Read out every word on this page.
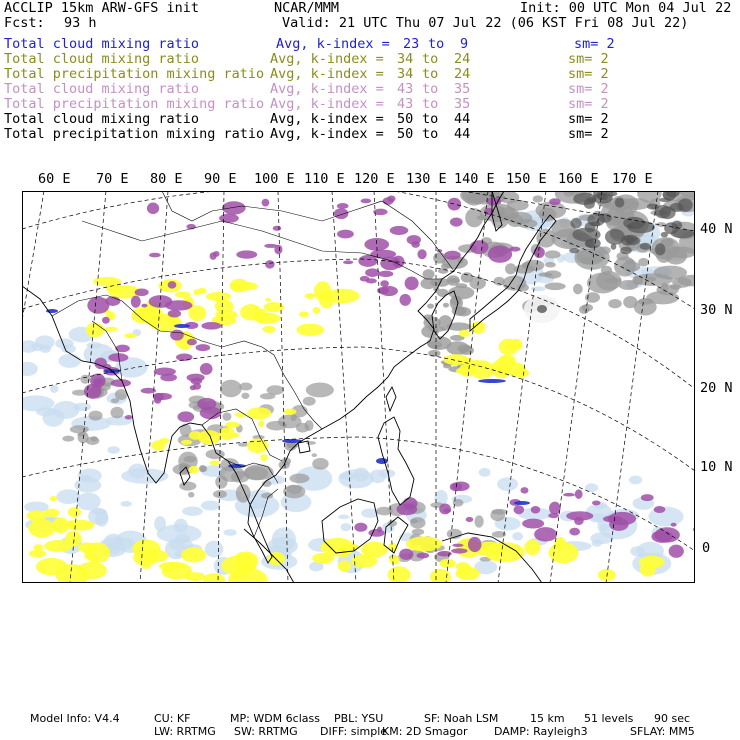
ACCLIP 15km ARW-GFS init	NCAR/MMM	Init: 00 UTC Mon 04 Jul 22
Fcst: 93 h	Valid: 21 UTC Thu 07 Jul 22 (06 KST Fri 08 Jul 22)
Total cloud mixing ratio	Avg, k-index = 23 to 9	sm= 2
Total cloud mixing ratio	Avg, k-index = 34 to 24	sm= 2
Total precipitation mixing ratio Avg, k-index = 34 to 24	sm= 2
Total cloud mixing ratio	Avg, k-index = 43 to 35	sm= 2
Total precipitation mixing ratio Avg, k-index = 43 to 35	sm= 2
Total cloud mixing ratio	Avg, k-index = 50 to 44	sm= 2
Total precipitation mixing ratio Avg, k-index = 50 to 44	sm= 2
60 E 70 E 80 E 90 E 100 E 110 E 120 E 130 E 140 E 150 E 160 E 170 E
40 N
30 N
20 N
10 N
0
Model Info: V4.4	CU: KF	MP: WDM 6class PBL: YSU	SF: Noah LSM	15 km 51 levels 90 sec
LW: RRTMG SW: RRTMG DIFF: simple
KM: 2D Smagor DAMP: Rayleigh3	SFLAY: MM5
